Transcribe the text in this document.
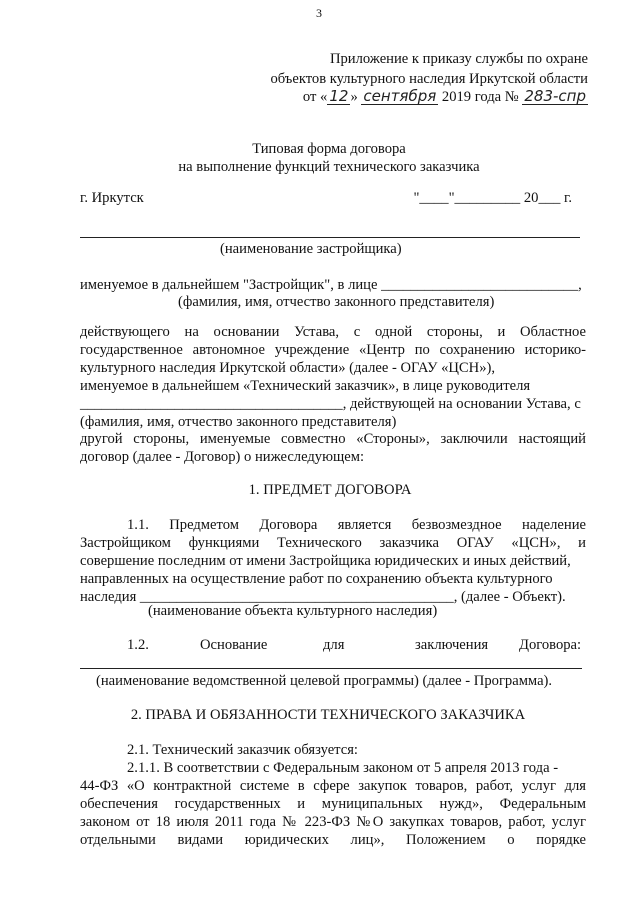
3
Приложение к приказу службы по охране
объектов культурного наследия Иркутской области
от « 12 » сентября 2019 года № 283-спр
Типовая форма договора
на выполнение функций технического заказчика
г. Иркутск	"____"_________ 20___ г.
(наименование застройщика)
именуемое в дальнейшем "Застройщик", в лице ___________________________,
(фамилия, имя, отчество законного представителя)
действующего на основании Устава, с одной стороны, и Областное
государственное автономное учреждение «Центр по сохранению историко-
культурного наследия Иркутской области» (далее - ОГАУ «ЦСН»),
именуемое в дальнейшем «Технический заказчик», в лице руководителя
____________________________________, действующей на основании Устава, с
(фамилия, имя, отчество законного представителя)
другой стороны, именуемые совместно «Стороны», заключили настоящий
договор (далее - Договор) о нижеследующем:
1. ПРЕДМЕТ ДОГОВОРА
1.1. Предметом Договора является безвозмездное наделение
Застройщиком функциями Технического заказчика ОГАУ «ЦСН», и
совершение последним от имени Застройщика юридических и иных действий,
направленных на осуществление работ по сохранению объекта культурного
наследия ___________________________________________, (далее - Объект).
(наименование объекта культурного наследия)
1.2.	Основание	для	заключения Договора:
(наименование ведомственной целевой программы) (далее - Программа).
2. ПРАВА И ОБЯЗАННОСТИ ТЕХНИЧЕСКОГО ЗАКАЗЧИКА
2.1. Технический заказчик обязуется:
2.1.1. В соответствии с Федеральным законом от 5 апреля 2013 года -
44-ФЗ «О контрактной системе в сфере закупок товаров, работ, услуг для
обеспечения государственных и муниципальных нужд», Федеральным
законом от 18 июля 2011 года № 223-ФЗ №О закупках товаров, работ, услуг
отдельными видами юридических лиц», Положением о порядке
